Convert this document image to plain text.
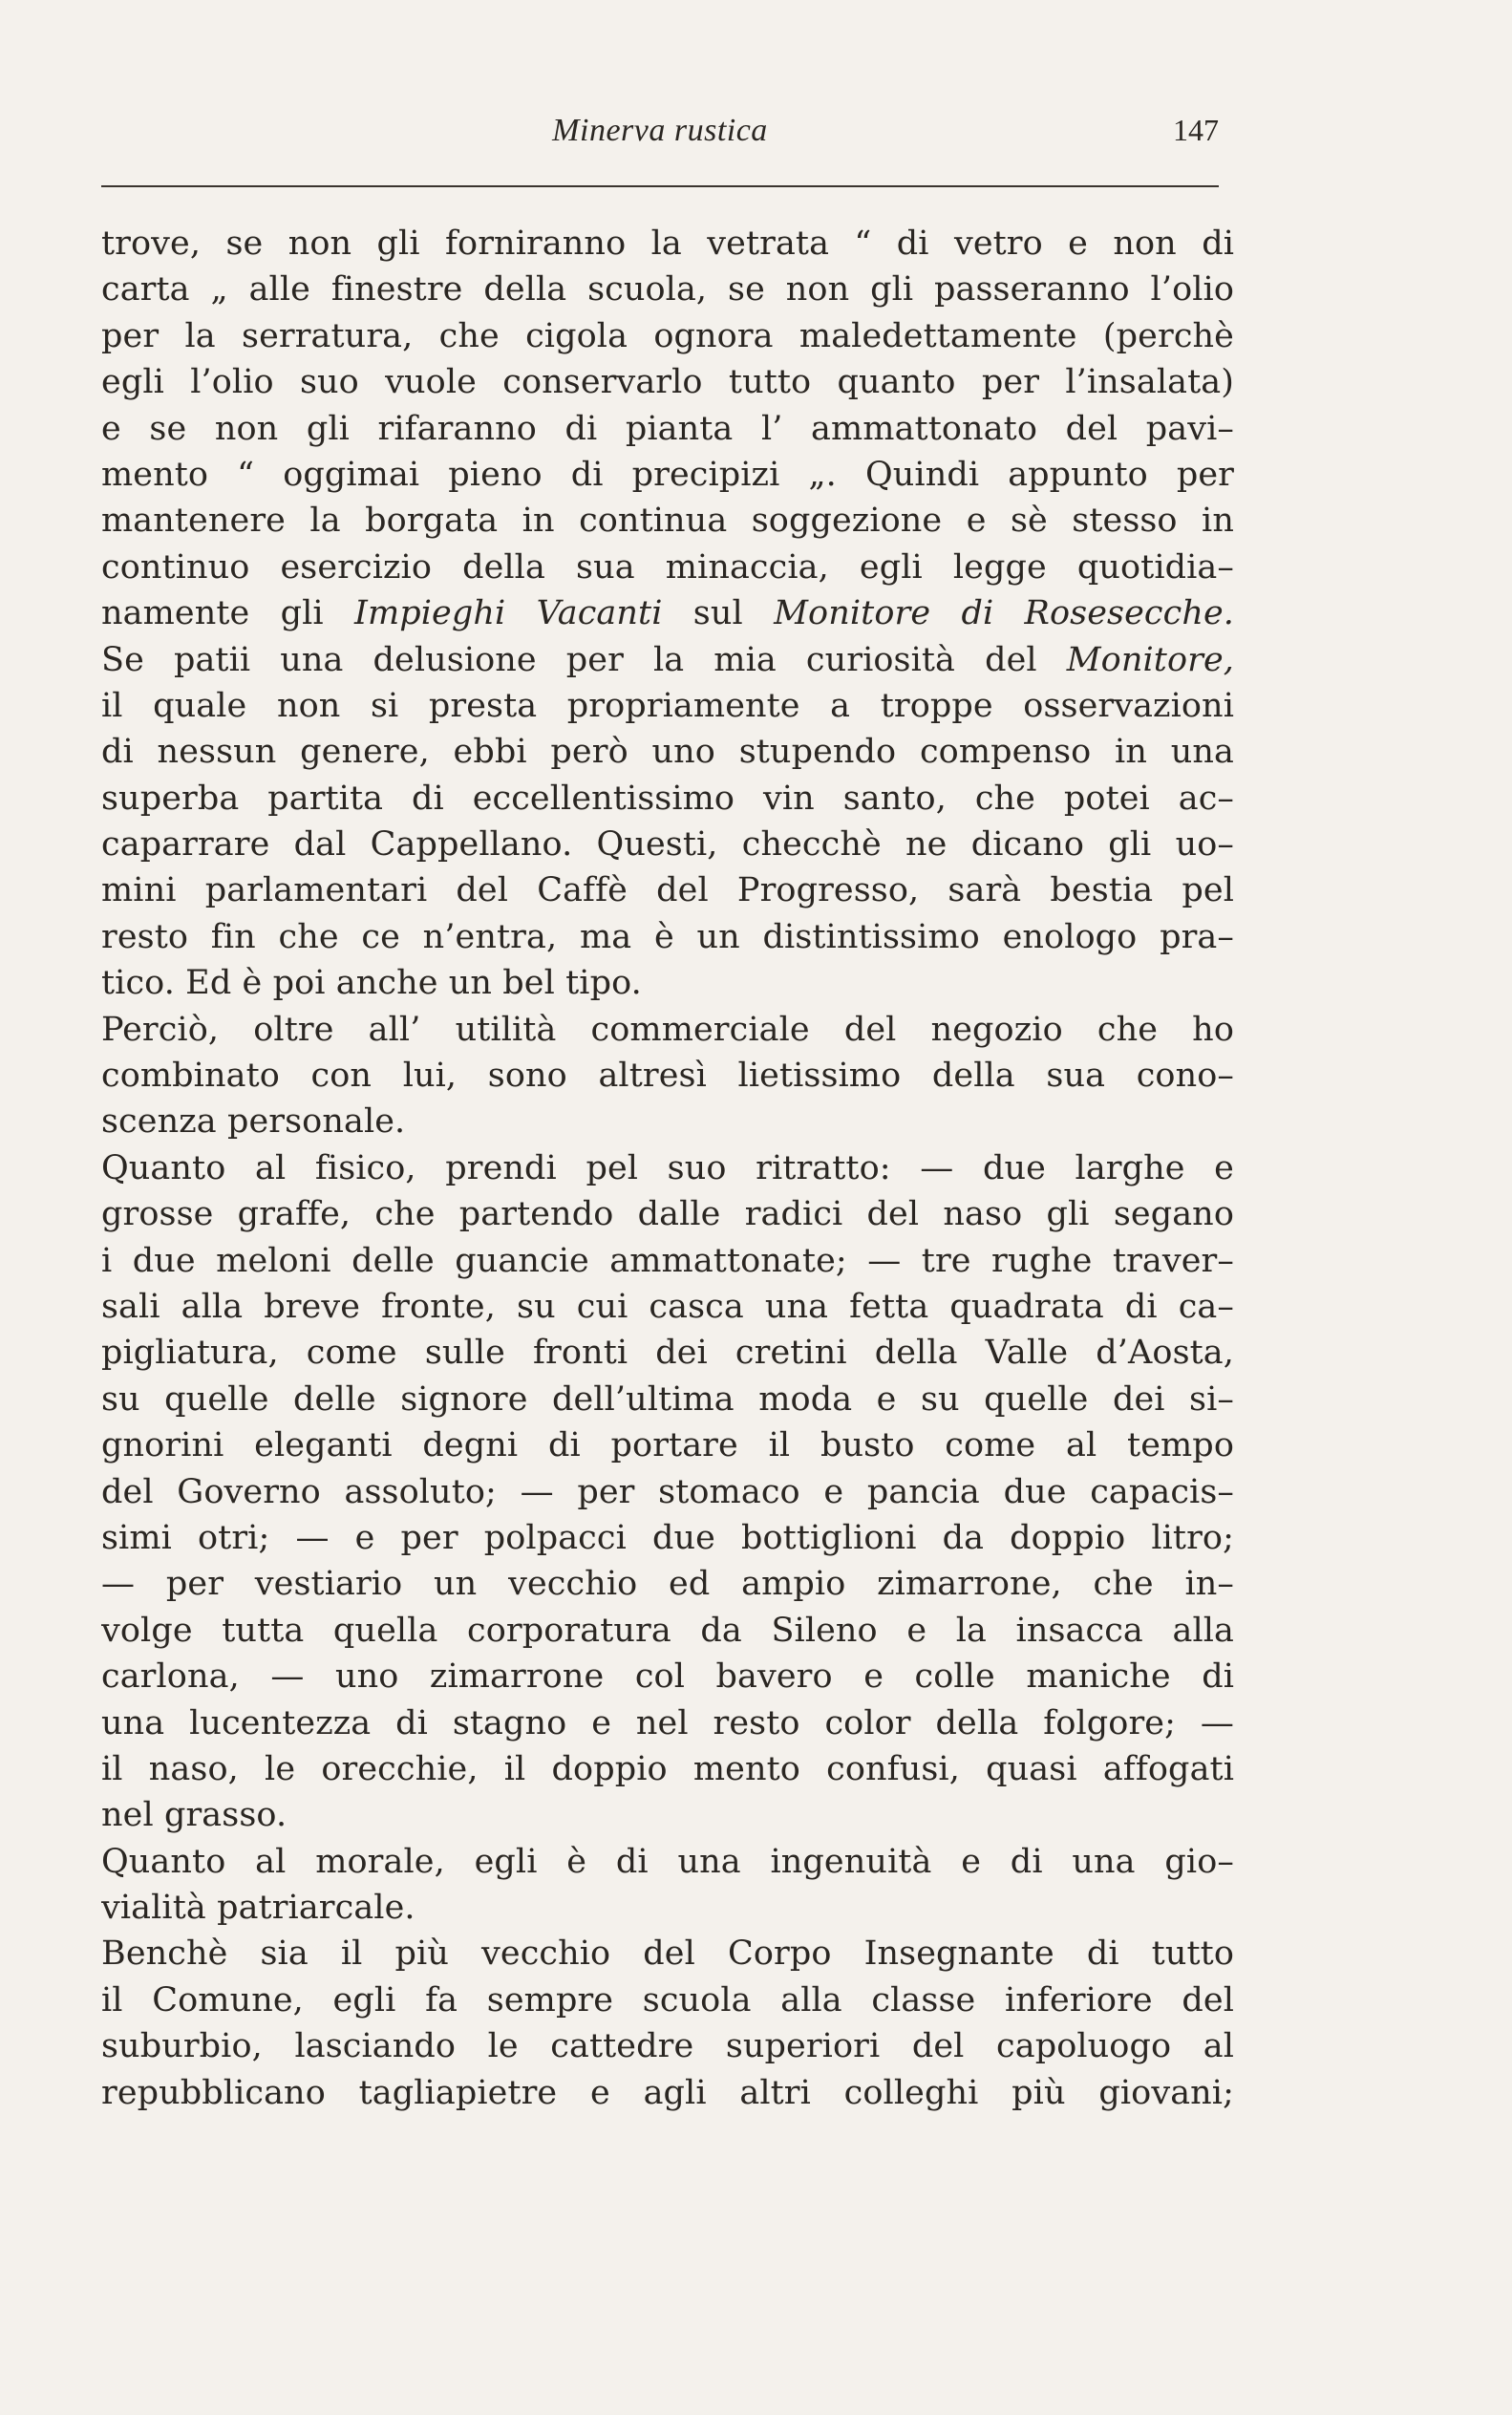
Minerva rustica	147
trove, se non gli forniranno la vetrata “ di vetro e non di
carta „ alle finestre della scuola, se non gli passeranno l’olio
per la serratura, che cigola ognora maledettamente (perchè
egli l’olio suo vuole conservarlo tutto quanto per l’insalata)
e se non gli rifaranno di pianta l’ ammattonato del pavi–
mento “ oggimai pieno di precipizi „. Quindi appunto per
mantenere la borgata in continua soggezione e sè stesso in
continuo esercizio della sua minaccia, egli legge quotidia–
namente gli Impieghi Vacanti sul Monitore di Rosesecche.
Se patii una delusione per la mia curiosità del Monitore,
il quale non si presta propriamente a troppe osservazioni
di nessun genere, ebbi però uno stupendo compenso in una
superba partita di eccellentissimo vin santo, che potei ac–
caparrare dal Cappellano. Questi, checchè ne dicano gli uo–
mini parlamentari del Caffè del Progresso, sarà bestia pel
resto fin che ce n’entra, ma è un distintissimo enologo pra–
tico. Ed è poi anche un bel tipo.
Perciò, oltre all’ utilità commerciale del negozio che ho
combinato con lui, sono altresì lietissimo della sua cono–
scenza personale.
Quanto al fisico, prendi pel suo ritratto: — due larghe e
grosse graffe, che partendo dalle radici del naso gli segano
i due meloni delle guancie ammattonate; — tre rughe traver–
sali alla breve fronte, su cui casca una fetta quadrata di ca–
pigliatura, come sulle fronti dei cretini della Valle d’Aosta,
su quelle delle signore dell’ultima moda e su quelle dei si–
gnorini eleganti degni di portare il busto come al tempo
del Governo assoluto; — per stomaco e pancia due capacis–
simi otri; — e per polpacci due bottiglioni da doppio litro;
— per vestiario un vecchio ed ampio zimarrone, che in–
volge tutta quella corporatura da Sileno e la insacca alla
carlona, — uno zimarrone col bavero e colle maniche di
una lucentezza di stagno e nel resto color della folgore; —
il naso, le orecchie, il doppio mento confusi, quasi affogati
nel grasso.
Quanto al morale, egli è di una ingenuità e di una gio–
vialità patriarcale.
Benchè sia il più vecchio del Corpo Insegnante di tutto
il Comune, egli fa sempre scuola alla classe inferiore del
suburbio, lasciando le cattedre superiori del capoluogo al
repubblicano tagliapietre e agli altri colleghi più giovani;
